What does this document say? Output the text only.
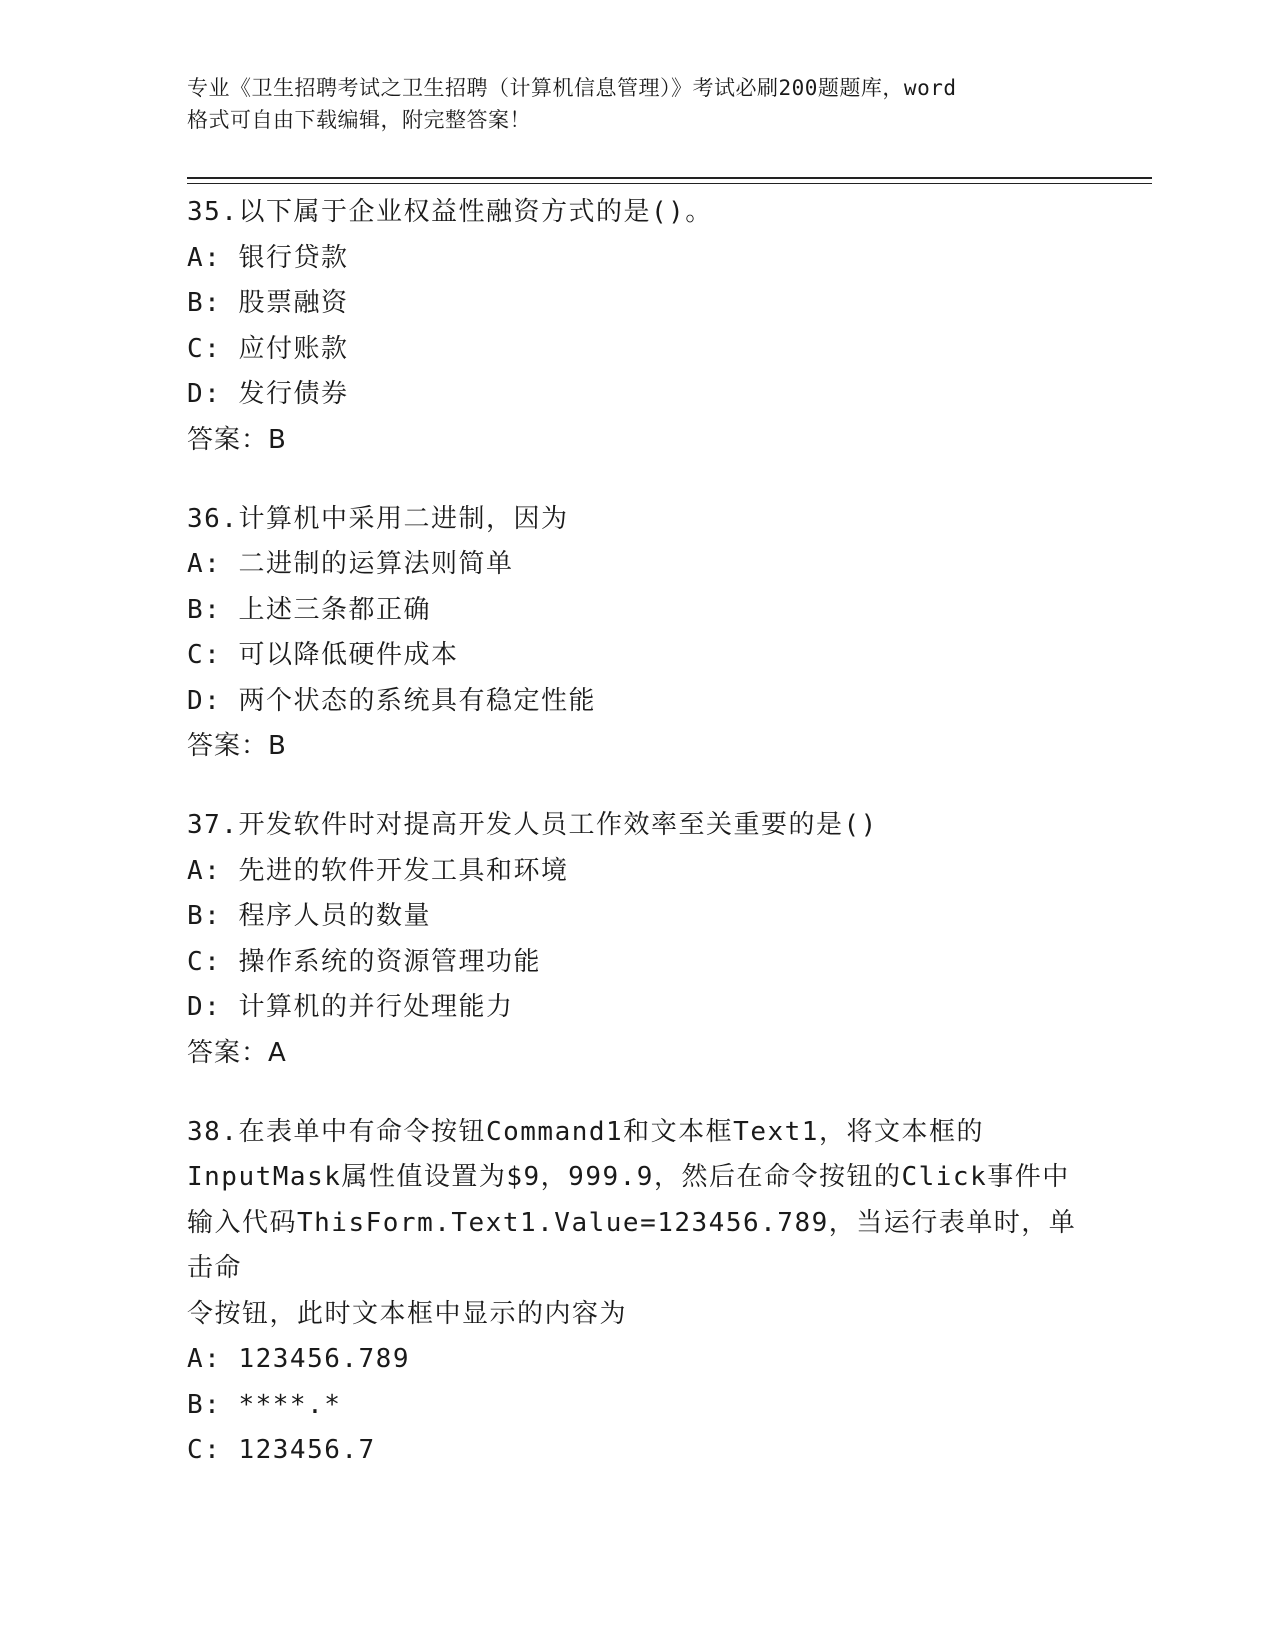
专业《卫生招聘考试之卫生招聘（计算机信息管理）》考试必刷200题题库，word
格式可自由下载编辑，附完整答案！
35.以下属于企业权益性融资方式的是()。
A: 银行贷款
B: 股票融资
C: 应付账款
D: 发行债券
答案：B
36.计算机中采用二进制，因为
A: 二进制的运算法则简单
B: 上述三条都正确
C: 可以降低硬件成本
D: 两个状态的系统具有稳定性能
答案：B
37.开发软件时对提高开发人员工作效率至关重要的是()
A: 先进的软件开发工具和环境
B: 程序人员的数量
C: 操作系统的资源管理功能
D: 计算机的并行处理能力
答案：A
38.在表单中有命令按钮Command1和文本框Text1，将文本框的
InputMask属性值设置为$9，999.9，然后在命令按钮的Click事件中
输入代码ThisForm.Text1.Value=123456.789，当运行表单时，单击命
令按钮，此时文本框中显示的内容为
A: 123456.789
B: ****.*
C: 123456.7
